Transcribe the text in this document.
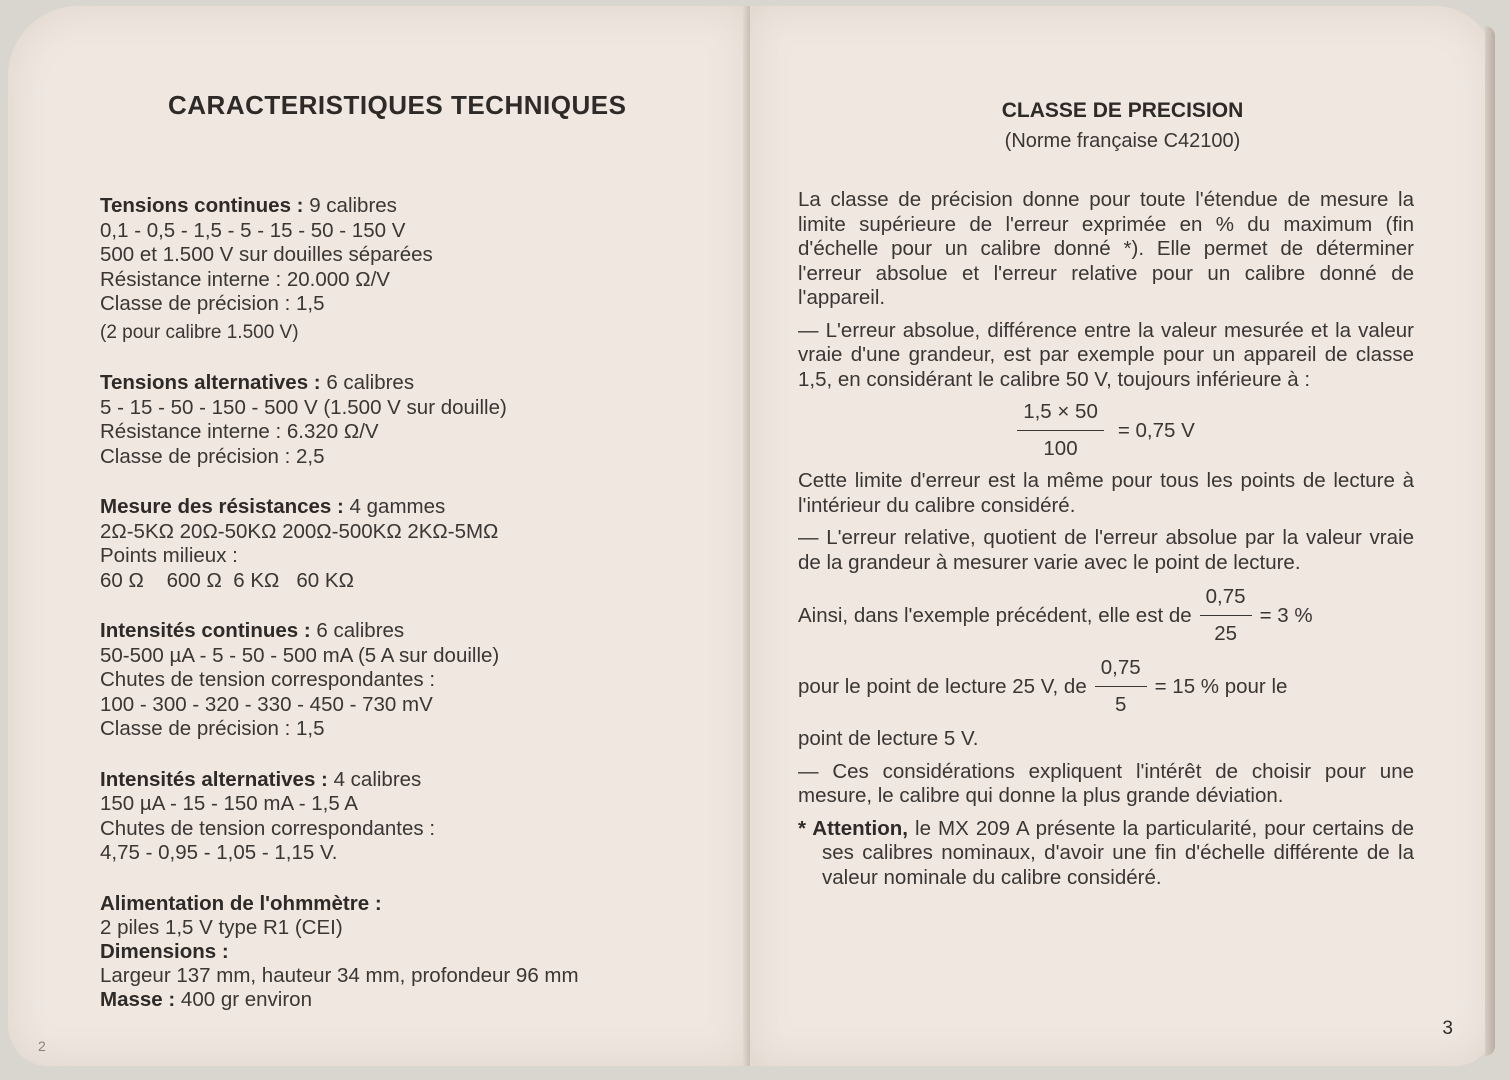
CARACTERISTIQUES TECHNIQUES

Tensions continues : 9 calibres

0,1 - 0,5 - 1,5 - 5 - 15 - 50 - 150 V
500 et 1.500 V sur douilles séparées
Résistance interne : 20.000 Ω/V
Classe de précision : 1,5
(2 pour calibre 1.500 V)

Tensions alternatives : 6 calibres

5 - 15 - 50 - 150 - 500 V (1.500 V sur douille)
Résistance interne : 6.320 Ω/V
Classe de précision : 2,5

Mesure des résistances : 4 gammes

2Ω-5KΩ 20Ω-50KΩ 200Ω-500KΩ 2KΩ-5MΩ
Points milieux :
60 Ω    600 Ω  6 KΩ   60 KΩ

Intensités continues : 6 calibres

50-500 µA - 5 - 50 - 500 mA (5 A sur douille)
Chutes de tension correspondantes :
100 - 300 - 320 - 330 - 450 - 730 mV
Classe de précision : 1,5

Intensités alternatives : 4 calibres

150 µA - 15 - 150 mA - 1,5 A
Chutes de tension correspondantes :
4,75 - 0,95 - 1,05 - 1,15 V.

Alimentation de l'ohmmètre :

2 piles 1,5 V type R1 (CEI)

Dimensions :

Largeur 137 mm, hauteur 34 mm, profondeur 96 mm

Masse : 400 gr environ

2
CLASSE DE PRECISION

(Norme française C42100)

La classe de précision donne pour toute l'étendue de mesure la limite supérieure de l'erreur exprimée en % du maximum (fin d'échelle pour un calibre donné *). Elle permet de déterminer l'erreur absolue et l'erreur relative pour un calibre donné de l'appareil.

— L'erreur absolue, différence entre la valeur mesurée et la valeur vraie d'une grandeur, est par exemple pour un appareil de classe 1,5, en considérant le calibre 50 V, toujours inférieure à :

$\frac{1,5 \times 50}{100} = 0,75$ V

Cette limite d'erreur est la même pour tous les points de lecture à l'intérieur du calibre considéré.

— L'erreur relative, quotient de l'erreur absolue par la valeur vraie de la grandeur à mesurer varie avec le point de lecture.

Ainsi, dans l'exemple précédent, elle est de $\frac{0,75}{25} = 3$ %
pour le point de lecture 25 V, de $\frac{0,75}{5} = 15$ % pour le

point de lecture 5 V.

— Ces considérations expliquent l'intérêt de choisir pour une mesure, le calibre qui donne la plus grande déviation.

* Attention, le MX 209 A présente la particularité, pour certains de ses calibres nominaux, d'avoir une fin d'échelle différente de la valeur nominale du calibre considéré.

3
